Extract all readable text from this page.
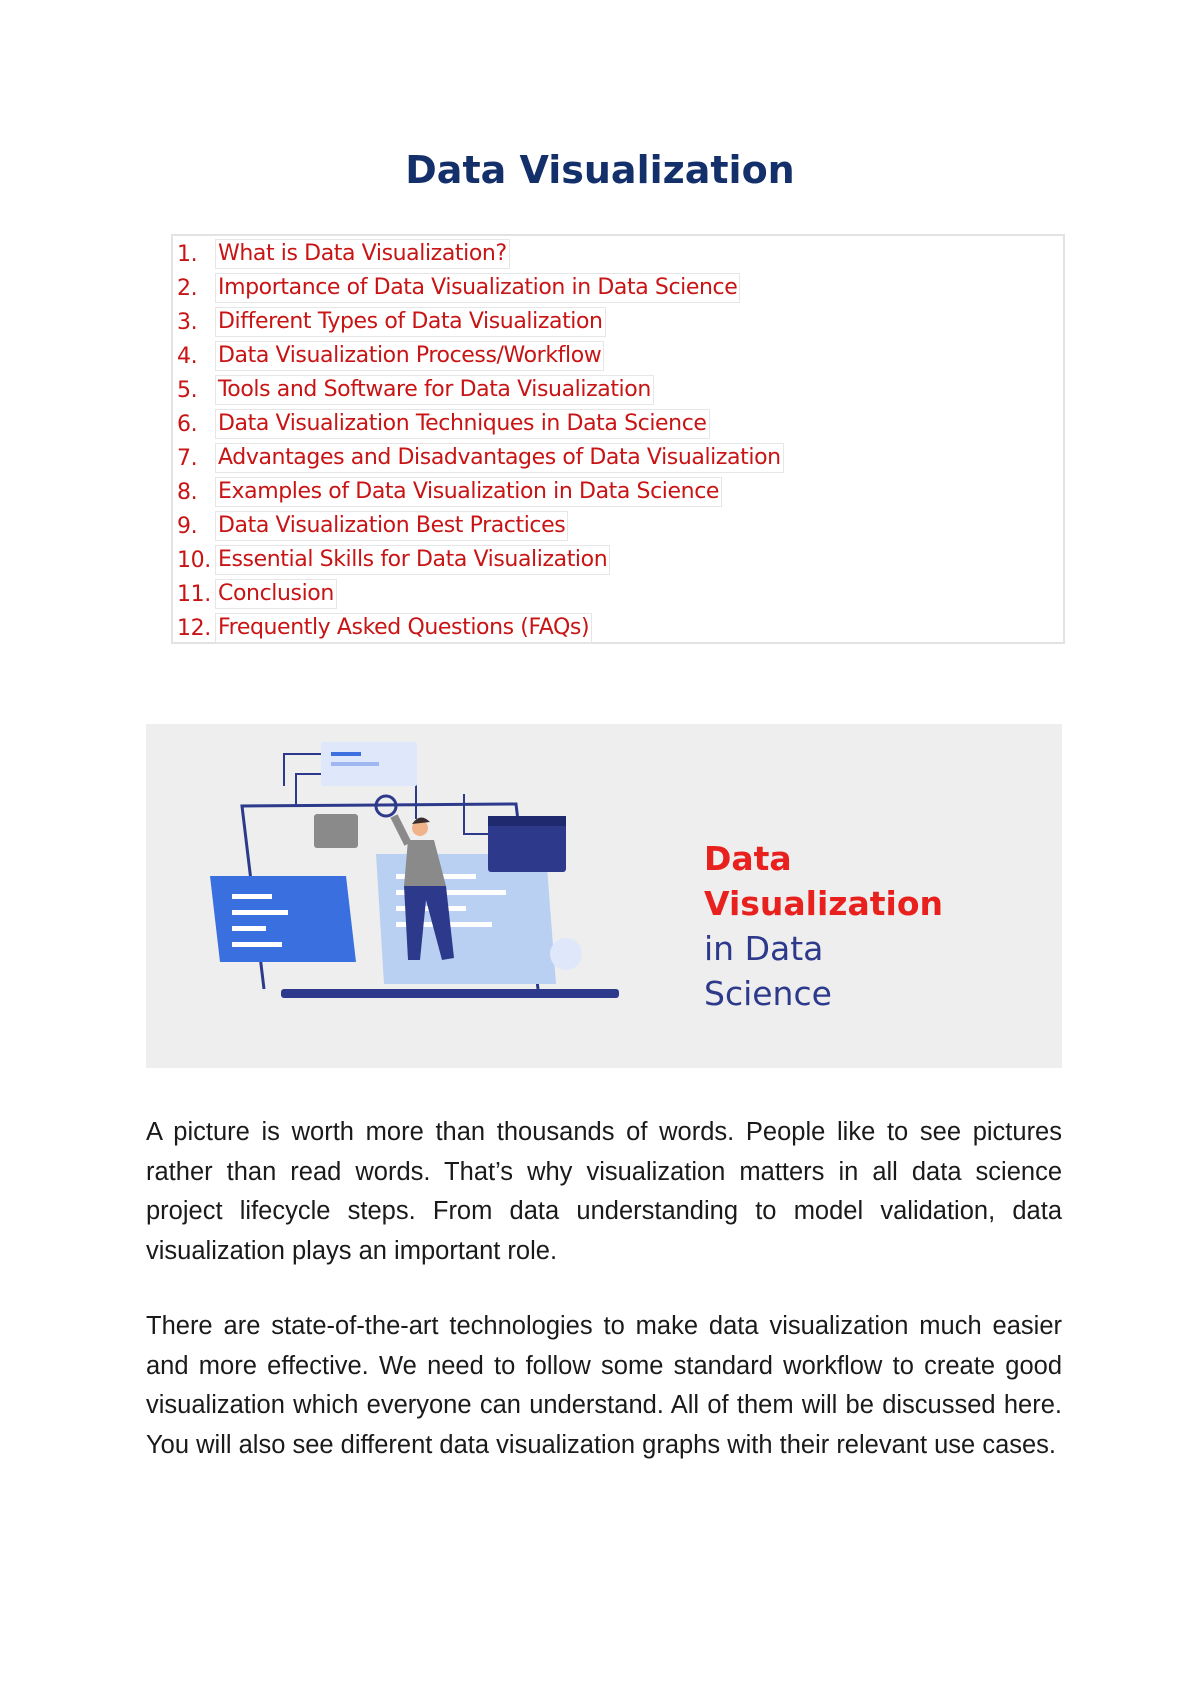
Data Visualization
1. What is Data Visualization?
2. Importance of Data Visualization in Data Science
3. Different Types of Data Visualization
4. Data Visualization Process/Workflow
5. Tools and Software for Data Visualization
6. Data Visualization Techniques in Data Science
7. Advantages and Disadvantages of Data Visualization
8. Examples of Data Visualization in Data Science
9. Data Visualization Best Practices
10. Essential Skills for Data Visualization
11. Conclusion
12. Frequently Asked Questions (FAQs)
Data
Visualization
in Data
Science

A picture is worth more than thousands of words. People like to see pictures rather than read words. That’s why visualization matters in all data science project lifecycle steps. From data understanding to model validation, data visualization plays an important role.

There are state-of-the-art technologies to make data visualization much easier and more effective. We need to follow some standard workflow to create good visualization which everyone can understand. All of them will be discussed here. You will also see different data visualization graphs with their relevant use cases.
